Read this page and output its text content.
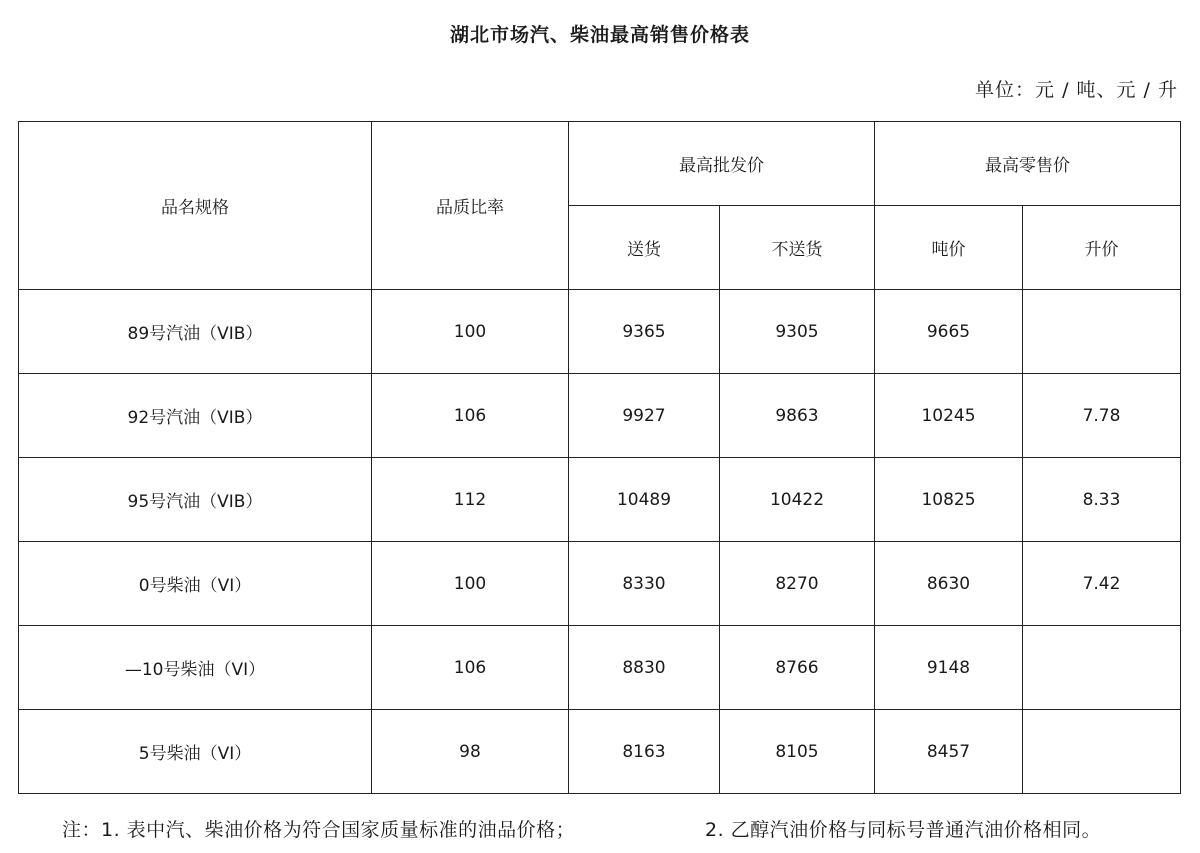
湖北市场汽、柴油最高销售价格表
单位：元 / 吨、元 / 升
品名规格	品质比率	最高批发价		最高零售价	
		送货	不送货	吨价	升价
89号汽油（VIB）	100	9365	9305	9665	
92号汽油（VIB）	106	9927	9863	10245	7.78
95号汽油（VIB）	112	10489	10422	10825	8.33
0号柴油（VI）	100	8330	8270	8630	7.42
—10号柴油（VI）	106	8830	8766	9148	
5号柴油（VI）	98	8163	8105	8457	
注：1. 表中汽、柴油价格为符合国家质量标准的油品价格；	2. 乙醇汽油价格与同标号普通汽油价格相同。
